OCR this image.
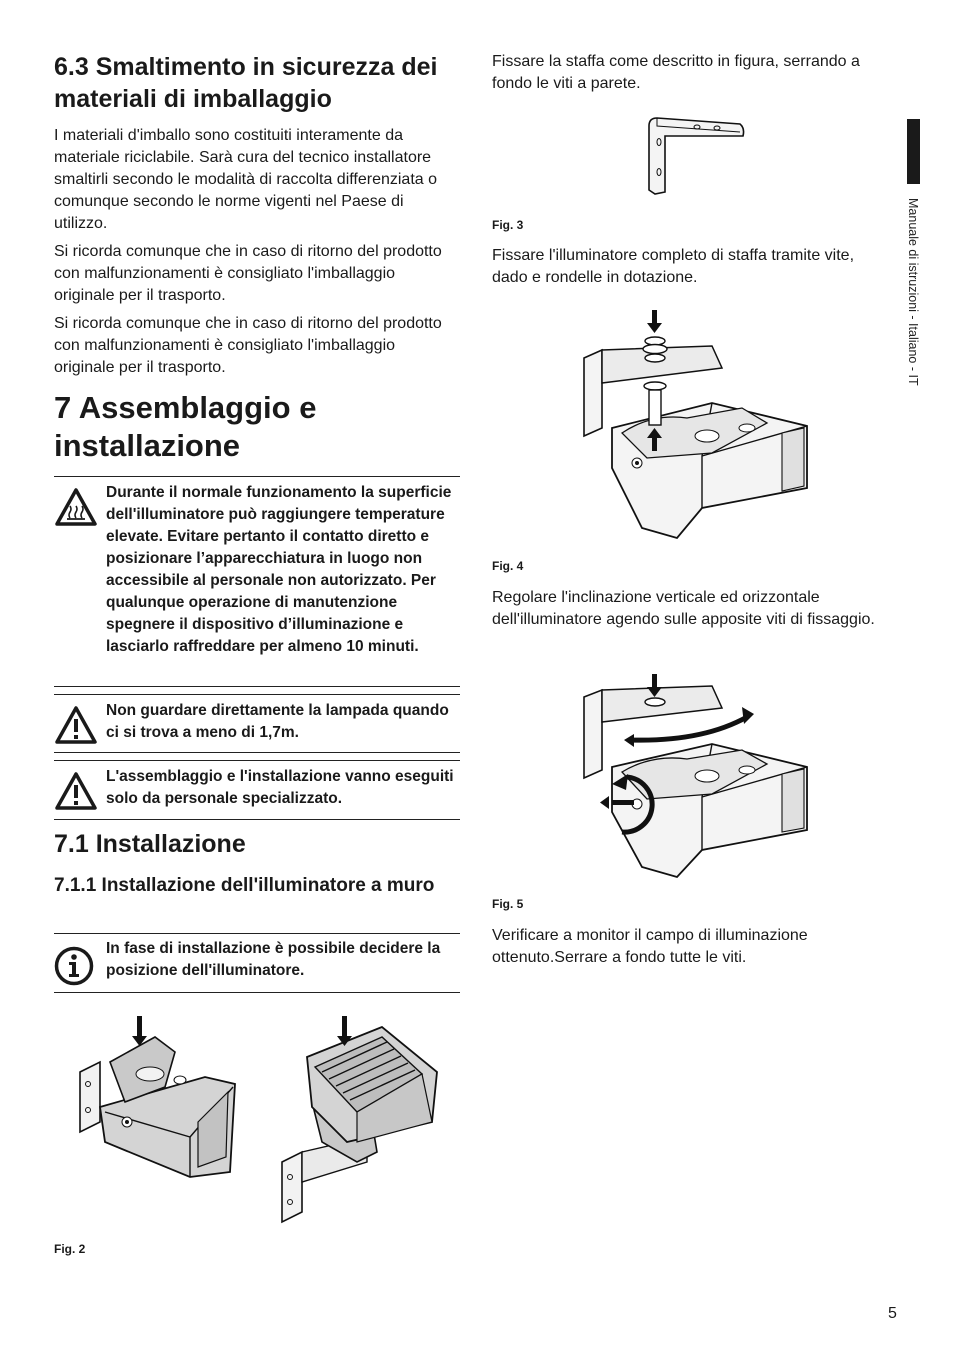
6.3 Smaltimento in sicurezza dei materiali di imballaggio

I materiali d'imballo sono costituiti interamente da materiale riciclabile. Sarà cura del tecnico installatore smaltirli secondo le modalità di raccolta differenziata o comunque secondo le norme vigenti nel Paese di utilizzo.

Si ricorda comunque che in caso di ritorno del prodotto con malfunzionamenti è consigliato l'imballaggio originale per il trasporto.

Si ricorda comunque che in caso di ritorno del prodotto con malfunzionamenti è consigliato l'imballaggio originale per il trasporto.

7 Assemblaggio e installazione
Durante il normale funzionamento la superficie dell'illuminatore può raggiungere temperature elevate. Evitare pertanto il contatto diretto e posizionare l’apparecchiatura in luogo non accessibile al personale non autorizzato. Per qualunque operazione di manutenzione spegnere il dispositivo d’illuminazione e lasciarlo raffreddare per almeno 10 minuti.
Non guardare direttamente la lampada quando ci si trova a meno di 1,7m.
L'assemblaggio e l'installazione vanno eseguiti solo da personale specializzato.
7.1 Installazione
7.1.1 Installazione dell'illuminatore a muro
In fase di installazione è possibile decidere la posizione dell'illuminatore.
Fig. 2

Fissare la staffa come descritto in figura, serrando a fondo le viti a parete.

Fig. 3

Fissare l'illuminatore completo di staffa tramite vite, dado e rondelle in dotazione.

Fig. 4

Regolare l'inclinazione verticale ed orizzontale dell'illuminatore agendo sulle apposite viti di fissaggio.

Fig. 5

Verificare a monitor il campo di illuminazione ottenuto.Serrare a fondo tutte le viti.

Manuale di istruzioni - Italiano - IT
5
